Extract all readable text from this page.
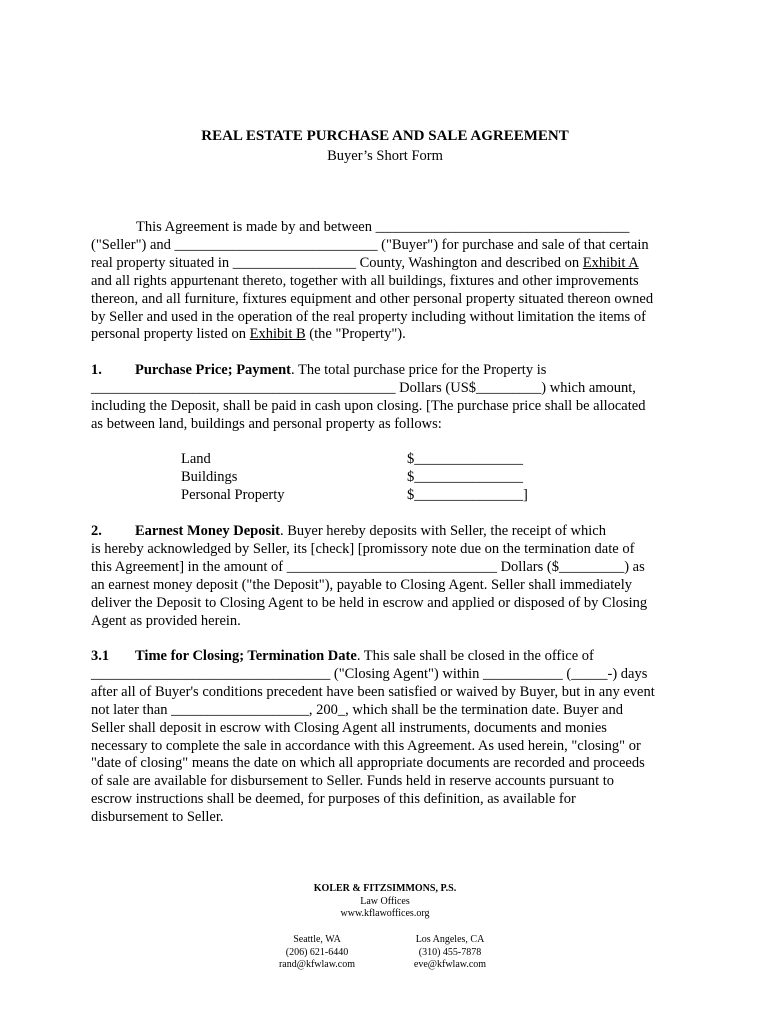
REAL ESTATE PURCHASE AND SALE AGREEMENT
Buyer’s Short Form
This Agreement is made by and between ___________________________________
("Seller") and ____________________________ ("Buyer") for purchase and sale of that certain
real property situated in _________________ County, Washington and described on Exhibit A
and all rights appurtenant thereto, together with all buildings, fixtures and other improvements
thereon, and all furniture, fixtures equipment and other personal property situated thereon owned
by Seller and used in the operation of the real property including without limitation the items of
personal property listed on Exhibit B (the "Property").
1. Purchase Price; Payment. The total purchase price for the Property is
__________________________________________ Dollars (US$_________) which amount,
including the Deposit, shall be paid in cash upon closing. [The purchase price shall be allocated
as between land, buildings and personal property as follows:
Land	$_______________
Buildings	$_______________
Personal Property	$_______________]
2. Earnest Money Deposit. Buyer hereby deposits with Seller, the receipt of which
is hereby acknowledged by Seller, its [check] [promissory note due on the termination date of
this Agreement] in the amount of _____________________________ Dollars ($_________) as
an earnest money deposit ("the Deposit"), payable to Closing Agent. Seller shall immediately
deliver the Deposit to Closing Agent to be held in escrow and applied or disposed of by Closing
Agent as provided herein.
3.1 Time for Closing; Termination Date. This sale shall be closed in the office of
_________________________________ ("Closing Agent") within ___________ (_____-) days
after all of Buyer's conditions precedent have been satisfied or waived by Buyer, but in any event
not later than ___________________, 200_, which shall be the termination date. Buyer and
Seller shall deposit in escrow with Closing Agent all instruments, documents and monies
necessary to complete the sale in accordance with this Agreement. As used herein, "closing" or
"date of closing" means the date on which all appropriate documents are recorded and proceeds
of sale are available for disbursement to Seller. Funds held in reserve accounts pursuant to
escrow instructions shall be deemed, for purposes of this definition, as available for
disbursement to Seller.
KOLER & FITZSIMMONS, P.S.
Law Offices
www.kflawoffices.org
Seattle, WA
(206) 621-6440
rand@kfwlaw.com
Los Angeles, CA
(310) 455-7878
eve@kfwlaw.com
